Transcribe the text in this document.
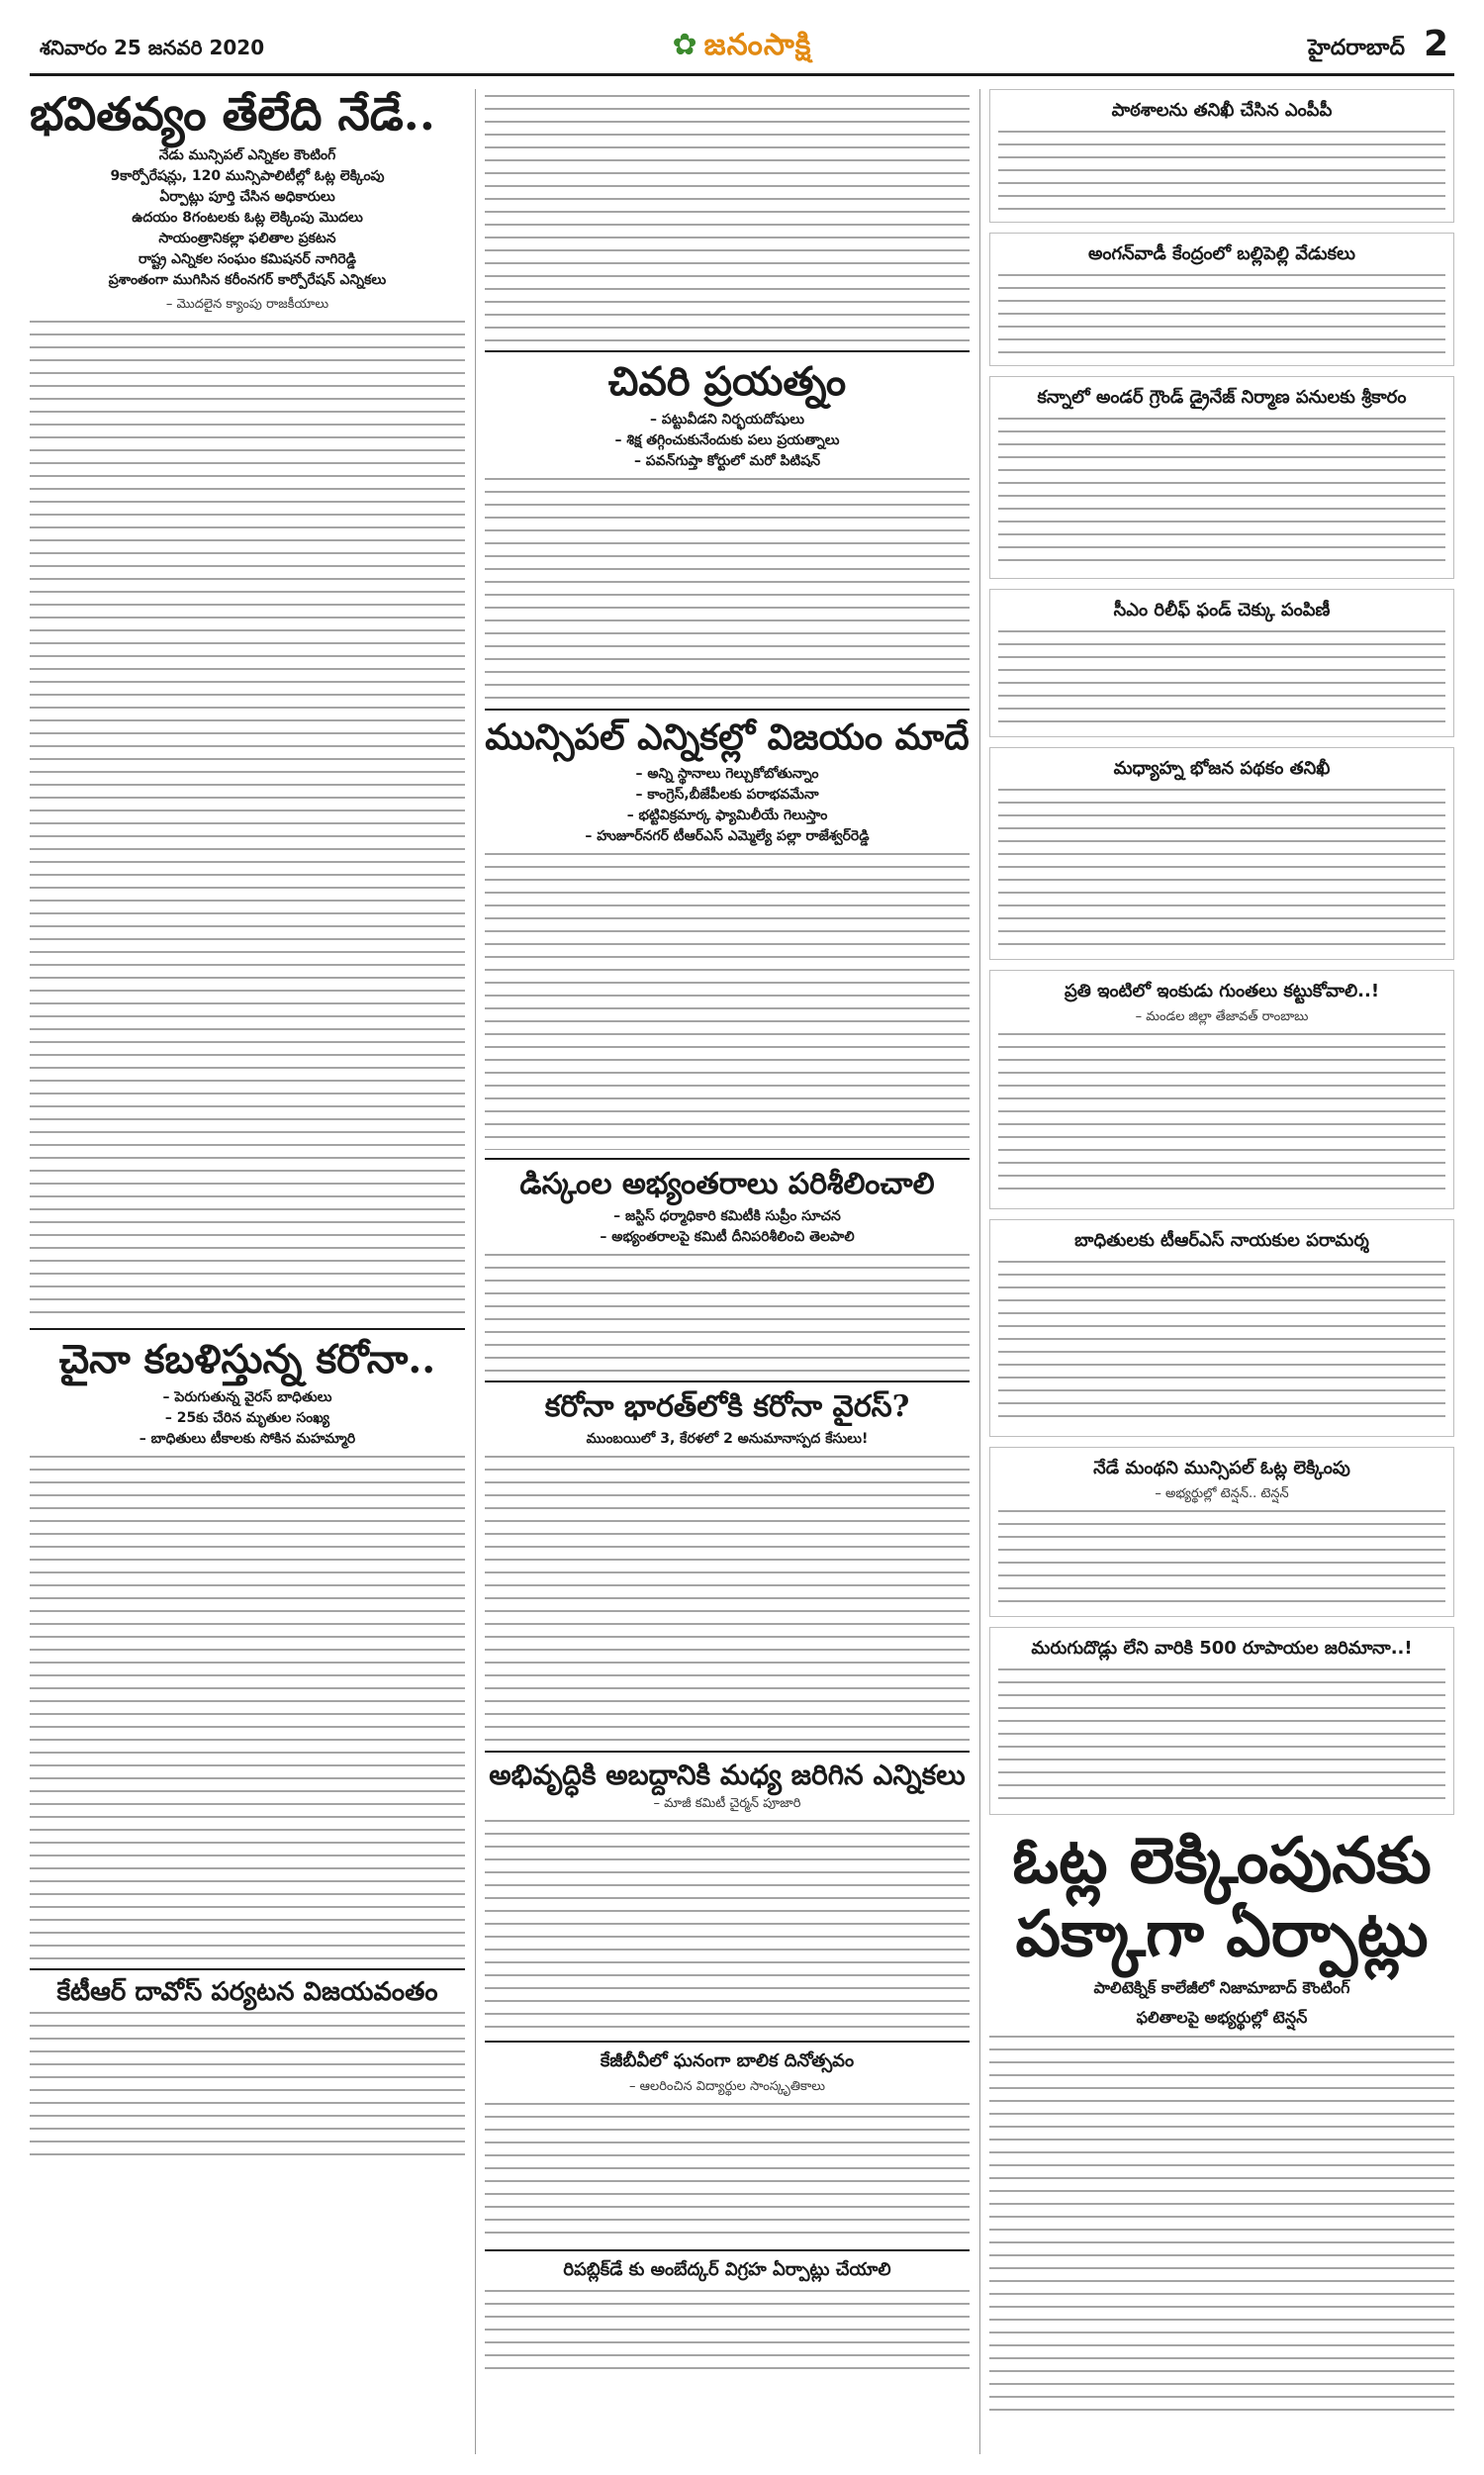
శనివారం 25 జనవరి 2020	✿ జనంసాక్షి	హైదరాబాద్ 2
భవితవ్యం తేలేది నేడే..
నేడు మున్సిపల్ ఎన్నికల కౌంటింగ్
9కార్పోరేషన్లు, 120 మున్సిపాలిటీల్లో ఓట్ల లెక్కింపు
ఏర్పాట్లు పూర్తి చేసిన అధికారులు
ఉదయం 8గంటలకు ఓట్ల లెక్కింపు మొదలు
సాయంత్రానికల్లా ఫలితాల ప్రకటన
రాష్ట్ర ఎన్నికల సంఘం కమిషనర్ నాగిరెడ్డి
ప్రశాంతంగా ముగిసిన కరీంనగర్ కార్పోరేషన్ ఎన్నికలు
– మొదలైన క్యాంపు రాజకీయాలు
చైనా కబళిస్తున్న కరోనా..
– పెరుగుతున్న వైరస్ బాధితులు
– 25కు చేరిన మృతుల సంఖ్య
– బాధితులు టీకాలకు సోకిన మహమ్మారి
కేటీఆర్ దావోస్ పర్యటన విజయవంతం
చివరి ప్రయత్నం
– పట్టువీడని నిర్భయదోషులు
– శిక్ష తగ్గించుకునేందుకు పలు ప్రయత్నాలు
– పవన్‌గుప్తా కోర్టులో మరో పిటిషన్
మున్సిపల్ ఎన్నికల్లో విజయం మాదే
– అన్ని స్థానాలు గెల్చుకోబోతున్నాం
– కాంగ్రెస్,బీజేపీలకు పరాభవమేనా
– భట్టివిక్రమార్క ఫ్యామిలీయే గెలుస్తాం
– హుజూర్‌నగర్ టీఆర్ఎస్ ఎమ్మెల్యే పల్లా రాజేశ్వర్‌రెడ్డి
డిస్కంల అభ్యంతరాలు పరిశీలించాలి
– జస్టిస్ ధర్మాధికారి కమిటీకి సుప్రీం సూచన
– అభ్యంతరాలపై కమిటీ దీనిపరిశీలించి తెలపాలి
కరోనా భారత్‌లోకి కరోనా వైరస్?
ముంబయిలో 3, కేరళలో 2 అనుమానాస్పద కేసులు!
అభివృద్ధికి అబద్దానికి మధ్య జరిగిన ఎన్నికలు
– మాజీ కమిటీ చైర్మన్ పూజారి
కేజీబీవీలో ఘనంగా బాలిక దినోత్సవం
– ఆలరించిన విద్యార్థుల సాంస్కృతికాలు
రిపబ్లిక్‌డే కు అంబేద్కర్ విగ్రహ ఏర్పాట్లు చేయాలి
పాఠశాలను తనిఖీ చేసిన ఎంపీపీ
అంగన్‌వాడీ కేంద్రంలో బల్లిపెల్లి వేడుకలు
కన్నాలో అండర్ గ్రౌండ్ డ్రైనేజ్ నిర్మాణ పనులకు శ్రీకారం
సీఎం రిలీఫ్ ఫండ్ చెక్కు పంపిణీ
మధ్యాహ్న భోజన పథకం తనిఖీ
ప్రతి ఇంటిలో ఇంకుడు గుంతలు కట్టుకోవాలి..!
– మండల జిల్లా తేజావత్ రాంబాబు
బాధితులకు టీఆర్ఎస్ నాయకుల పరామర్శ
నేడే మంథని మున్సిపల్ ఓట్ల లెక్కింపు
– అభ్యర్థుల్లో టెన్షన్.. టెన్షన్
మరుగుదొడ్లు లేని వారికి 500 రూపాయల జరిమానా..!
ఓట్ల లెక్కింపునకు పక్కాగా ఏర్పాట్లు
పాలిటెక్నిక్ కాలేజీలో నిజామాబాద్ కౌంటింగ్
ఫలితాలపై అభ్యర్థుల్లో టెన్షన్
